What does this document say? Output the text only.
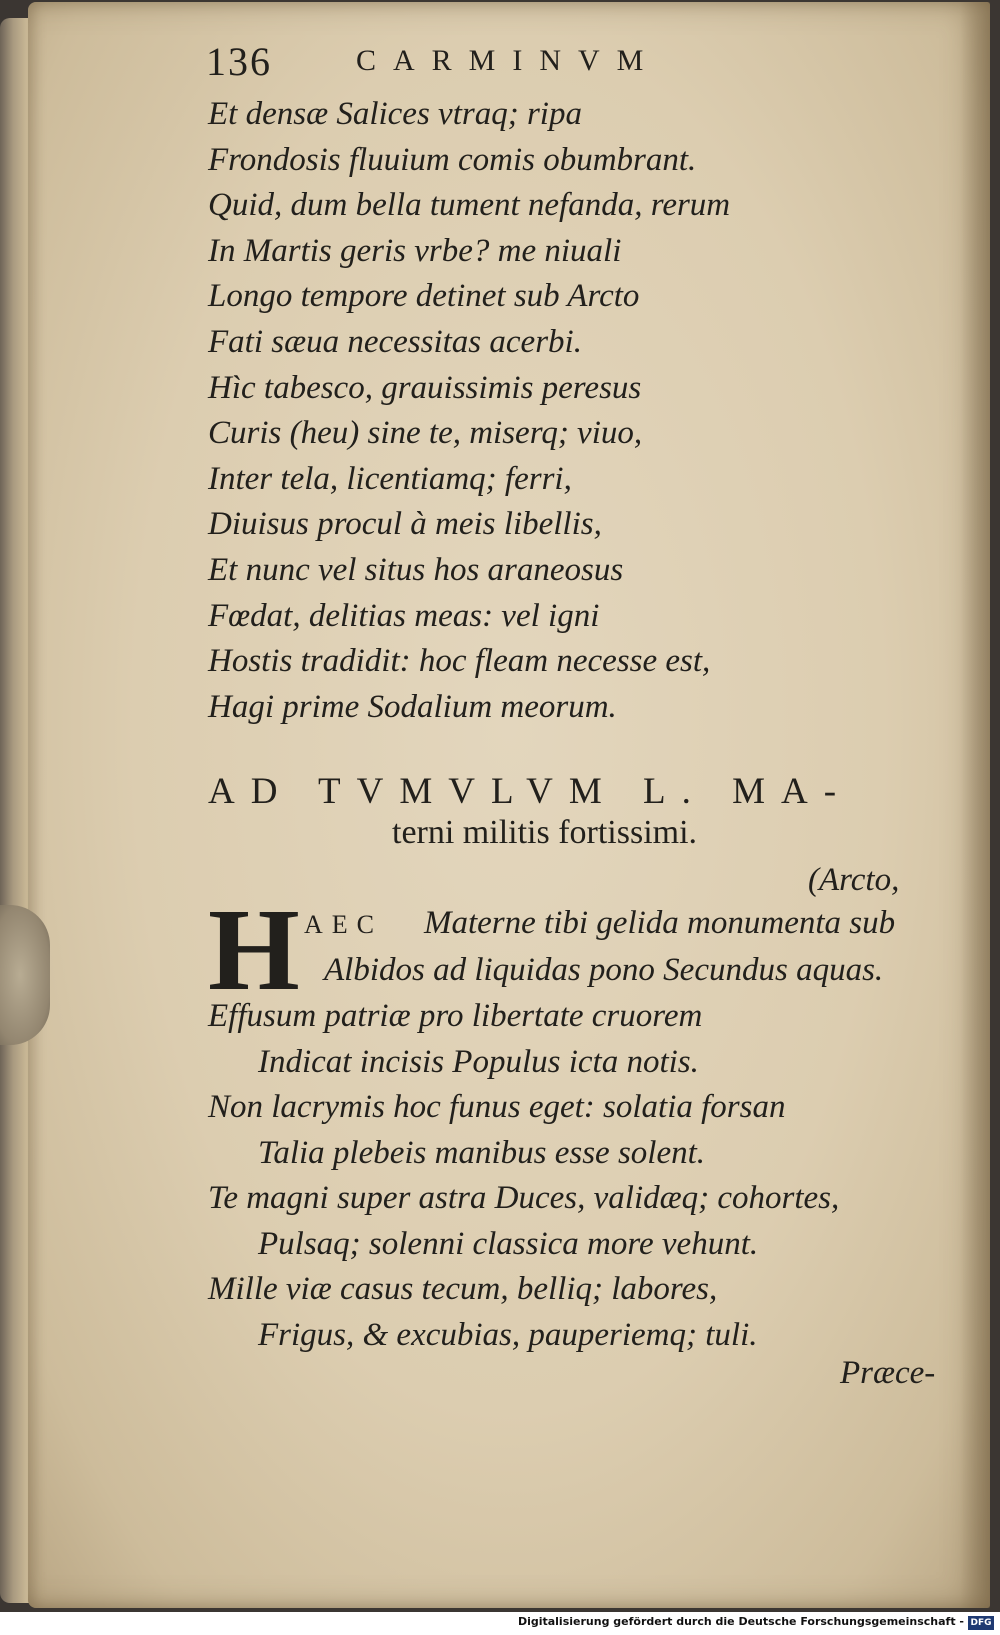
136	CARMINVM
Et densæ Salices vtraq; ripa
Frondosis fluuium comis obumbrant.
Quid, dum bella tument nefanda, rerum
In Martis geris vrbe? me niuali
Longo tempore detinet sub Arcto
Fati sæua necessitas acerbi.
Hìc tabesco, grauissimis peresus
Curis (heu) sine te, miserq; viuo,
Inter tela, licentiamq; ferri,
Diuisus procul à meis libellis,
Et nunc vel situs hos araneosus
Fœdat, delitias meas: vel igni
Hostis tradidit: hoc fleam necesse est,
Hagi prime Sodalium meorum.
AD TVMVLVM L. MA-
terni militis fortissimi.
(Arcto,
H AEC Materne tibi gelida monumenta sub
Albidos ad liquidas pono Secundus aquas.
Effusum patriæ pro libertate cruorem
Indicat incisis Populus icta notis.
Non lacrymis hoc funus eget: solatia forsan
Talia plebeis manibus esse solent.
Te magni super astra Duces, validæq; cohortes,
Pulsaq; solenni classica more vehunt.
Mille viæ casus tecum, belliq; labores,
Frigus, & excubias, pauperiemq; tuli.
Præce-
Digitalisierung gefördert durch die Deutsche Forschungsgemeinschaft - DFG
